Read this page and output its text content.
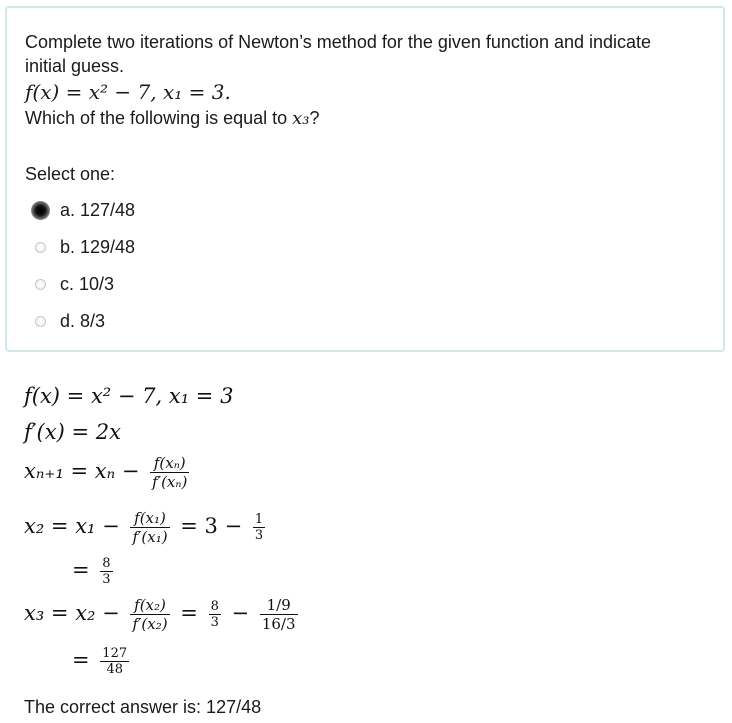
Complete two iterations of Newton’s method for the given function and indicate
initial guess.
f(x) = x² − 7, x₁ = 3.
Which of the following is equal to x₃?
Select one:
a. 127/48
b. 129/48
c. 10/3
d. 8/3
f(x) = x² − 7, x₁ = 3
f′(x) = 2x
$x_{n+1} = x_n - \frac{\text{f(xₙ)}}{\text{f′(xₙ)}}$
$x_2 = x_1 - \frac{\text{f(x₁)}}{\text{f′(x₁)}} = 3 - \frac{1}{3}$
= $\frac{8}{3}$
$x_3 = x_2 - \frac{\text{f(x₂)}}{\text{f′(x₂)}} = \frac{8}{3} - \frac{1/9}{16/3}$
= $\frac{127}{48}$
The correct answer is: 127/48
